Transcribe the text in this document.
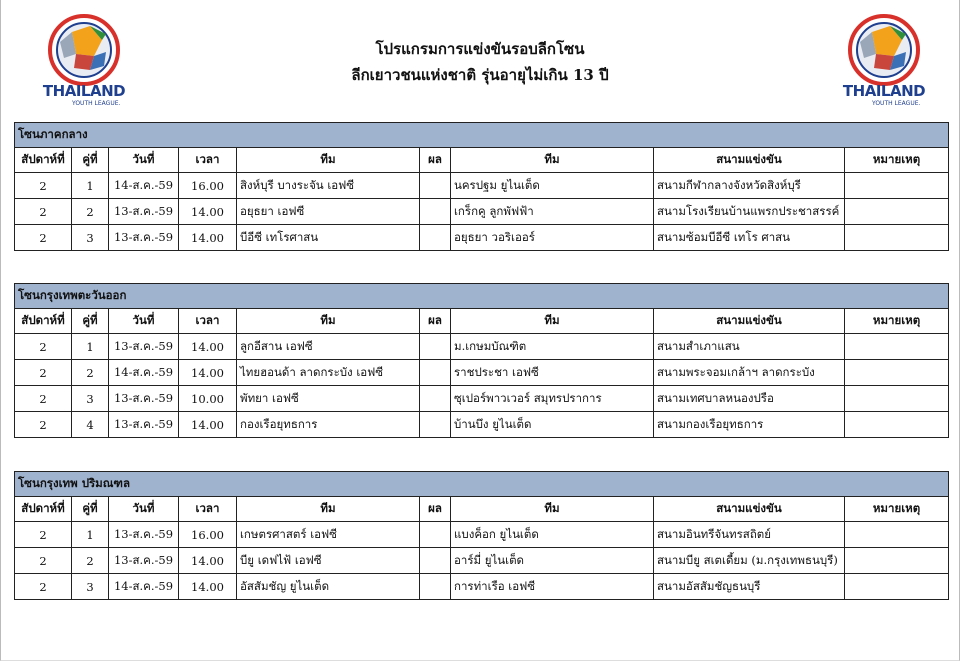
THAILAND
YOUTH LEAGUE.
THAILAND
YOUTH LEAGUE.
โปรแกรมการแข่งขันรอบลีกโซน
ลีกเยาวชนแห่งชาติ รุ่นอายุไม่เกิน 13 ปี
โซนภาคกลาง								
สัปดาห์ที่	คู่ที่	วันที่	เวลา	ทีม	ผล	ทีม	สนามแข่งขัน	หมายเหตุ
2	1	14-ส.ค.-59	16.00	สิงห์บุรี บางระจัน เอฟซี		นครปฐม ยูไนเต็ด	สนามกีฬากลางจังหวัดสิงห์บุรี	
2	2	13-ส.ค.-59	14.00	อยุธยา เอฟซี		เกร็กคู ลูกพัฟฟ้า	สนามโรงเรียนบ้านแพรกประชาสรรค์	
2	3	13-ส.ค.-59	14.00	บีอีซี เทโรศาสน		อยุธยา วอริเออร์	สนามซ้อมบีอีซี เทโร ศาสน	
โซนกรุงเทพตะวันออก								
สัปดาห์ที่	คู่ที่	วันที่	เวลา	ทีม	ผล	ทีม	สนามแข่งขัน	หมายเหตุ
2	1	13-ส.ค.-59	14.00	ลูกอีสาน เอฟซี		ม.เกษมบัณฑิต	สนามสำเภาแสน	
2	2	14-ส.ค.-59	14.00	ไทยฮอนด้า ลาดกระบัง เอฟซี		ราชประชา เอฟซี	สนามพระจอมเกล้าฯ ลาดกระบัง	
2	3	13-ส.ค.-59	10.00	พัทยา เอฟซี		ซุเปอร์พาวเวอร์ สมุทรปราการ	สนามเทศบาลหนองปรือ	
2	4	13-ส.ค.-59	14.00	กองเรือยุทธการ		บ้านบึง ยูไนเต็ด	สนามกองเรือยุทธการ	
โซนกรุงเทพ ปริมณฑล								
สัปดาห์ที่	คู่ที่	วันที่	เวลา	ทีม	ผล	ทีม	สนามแข่งขัน	หมายเหตุ
2	1	13-ส.ค.-59	16.00	เกษตรศาสตร์ เอฟซี		แบงค็อก ยูไนเต็ด	สนามอินทรีจันทรสถิตย์	
2	2	13-ส.ค.-59	14.00	บียู เดฟไฟ้ เอฟซี		อาร์มี่ ยูไนเต็ด	สนามบียู สเตเดี้ยม (ม.กรุงเทพธนบุรี)	
2	3	14-ส.ค.-59	14.00	อัสสัมชัญ ยูไนเต็ด		การท่าเรือ เอฟซี	สนามอัสสัมชัญธนบุรี	
